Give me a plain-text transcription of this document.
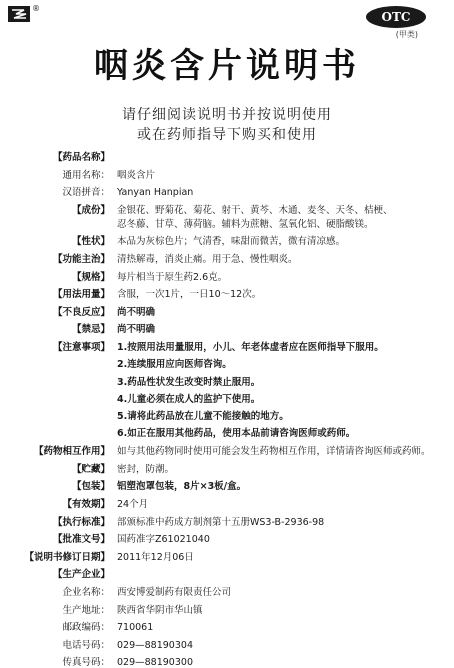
®
OTC
(甲类)
咽炎含片说明书
请仔细阅读说明书并按说明使用
或在药师指导下购买和使用
【药品名称】
通用名称： 咽炎含片
汉语拼音： Yanyan Hanpian
【成份】 金银花、野菊花、菊花、射干、黄芩、木通、麦冬、天冬、桔梗、
忍冬藤、甘草、薄荷脑。辅料为蔗糖、氢氧化铝、硬脂酸镁。
【性状】 本品为灰棕色片；气清香，味甜而微苦，微有清凉感。
【功能主治】 清热解毒，消炎止痛。用于急、慢性咽炎。
【规格】 每片相当于原生药2.6克。
【用法用量】 含服，一次1片，一日10～12次。
【不良反应】 尚不明确
【禁忌】 尚不明确
【注意事项】 1.按照用法用量服用，小儿、年老体虚者应在医师指导下服用。
2.连续服用应向医师咨询。
3.药品性状发生改变时禁止服用。
4.儿童必须在成人的监护下使用。
5.请将此药品放在儿童不能接触的地方。
6.如正在服用其他药品，使用本品前请咨询医师或药师。
【药物相互作用】 如与其他药物同时使用可能会发生药物相互作用，详情请咨询医师或药师。
【贮藏】 密封，防潮。
【包装】 铝塑泡罩包装，8片×3板/盒。
【有效期】 24个月
【执行标准】 部颁标准中药成方制剂第十五册WS3-B-2936-98
【批准文号】 国药准字Z61021040
【说明书修订日期】 2011年12月06日
【生产企业】
企业名称： 西安博爱制药有限责任公司
生产地址： 陕西省华阴市华山镇
邮政编码： 710061
电话号码： 029—88190304
传真号码： 029—88190300
